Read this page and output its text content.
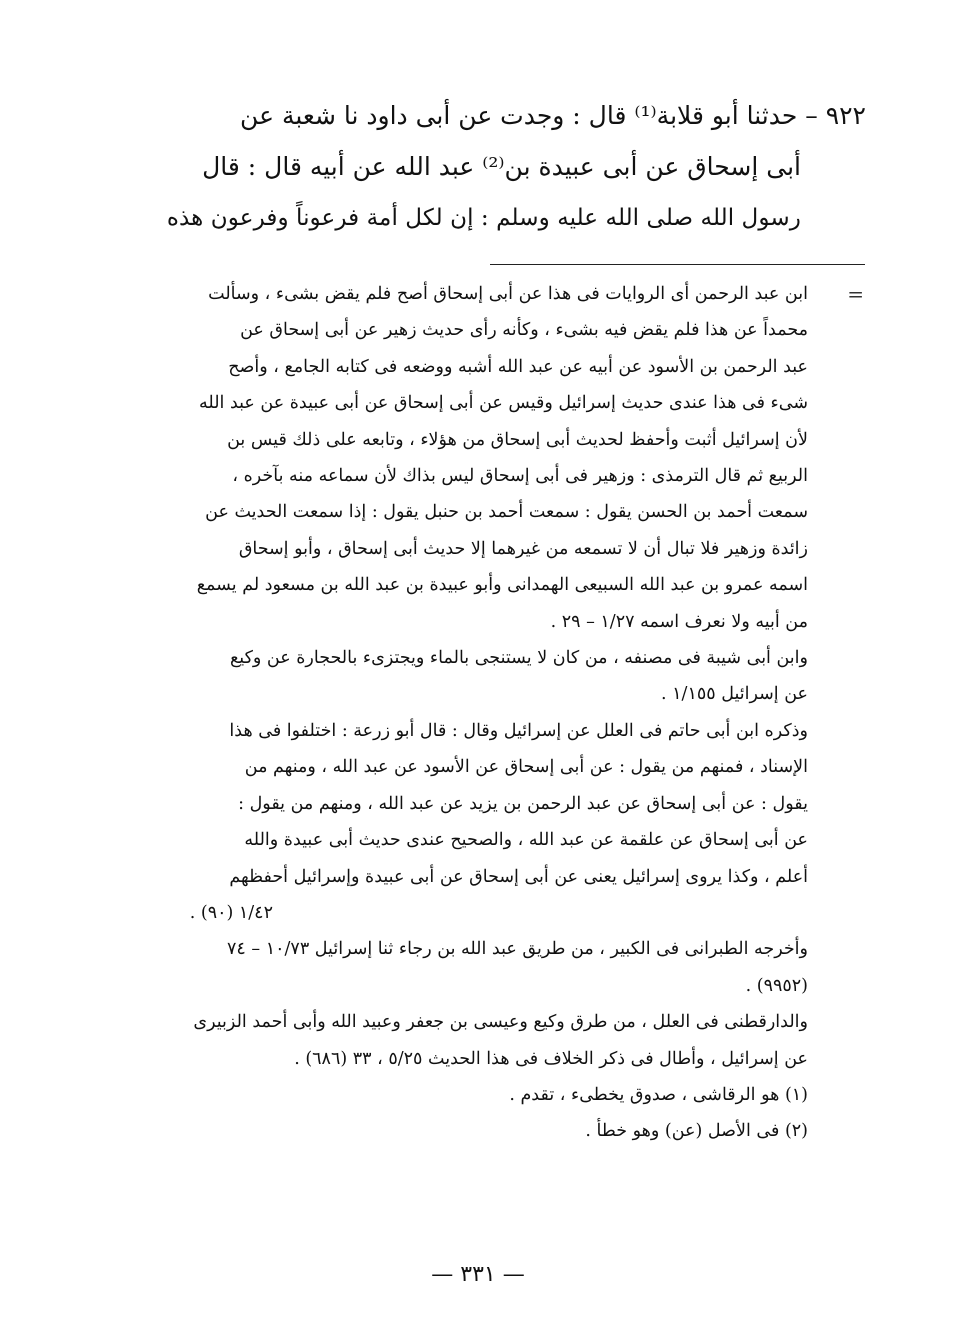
٩٢٢ – حدثنا أبو قلابة⁽¹⁾ قال : وجدت عن أبى داود نا شعبة عن
أبى إسحاق عن أبى عبيدة بن⁽²⁾ عبد الله عن أبيه قال : قال
رسول الله صلى الله عليه وسلم : إن لكل أمة فرعوناً وفرعون هذه
=
ابن عبد الرحمن أى الروايات فى هذا عن أبى إسحاق أصح فلم يقض بشىء ، وسألت
محمداً عن هذا فلم يقض فيه بشىء ، وكأنه رأى حديث زهير عن أبى إسحاق عن
عبد الرحمن بن الأسود عن أبيه عن عبد الله أشبه ووضعه فى كتابه الجامع ، وأصح
شىء فى هذا عندى حديث إسرائيل وقيس عن أبى إسحاق عن أبى عبيدة عن عبد الله
لأن إسرائيل أثبت وأحفظ لحديث أبى إسحاق من هؤلاء ، وتابعه على ذلك قيس بن
الربيع ثم قال الترمذى : وزهير فى أبى إسحاق ليس بذاك لأن سماعه منه بآخره ،
سمعت أحمد بن الحسن يقول : سمعت أحمد بن حنبل يقول : إذا سمعت الحديث عن
زائدة وزهير فلا تبال أن لا تسمعه من غيرهما إلا حديث أبى إسحاق ، وأبو إسحاق
اسمه عمرو بن عبد الله السبيعى الهمدانى وأبو عبيدة بن عبد الله بن مسعود لم يسمع
من أبيه ولا نعرف اسمه ١/٢٧ – ٢٩ .
وابن أبى شيبة فى مصنفه ، من كان لا يستنجى بالماء ويجتزىء بالحجارة عن وكيع
عن إسرائيل ١/١٥٥ .
وذكره ابن أبى حاتم فى العلل عن إسرائيل وقال : قال أبو زرعة : اختلفوا فى هذا
الإسناد ، فمنهم من يقول : عن أبى إسحاق عن الأسود عن عبد الله ، ومنهم من
يقول : عن أبى إسحاق عن عبد الرحمن بن يزيد عن عبد الله ، ومنهم من يقول :
عن أبى إسحاق عن علقمة عن عبد الله ، والصحيح عندى حديث أبى عبيدة والله
أعلم ، وكذا يروى إسرائيل يعنى عن أبى إسحاق عن أبى عبيدة وإسرائيل أحفظهم
١/٤٢ (٩٠) .
وأخرجه الطبرانى فى الكبير ، من طريق عبد الله بن رجاء ثنا إسرائيل ١٠/٧٣ – ٧٤
(٩٩٥٢) .
والدارقطنى فى العلل ، من طرق وكيع وعيسى بن جعفر وعبيد الله وأبى أحمد الزبيرى
عن إسرائيل ، وأطال فى ذكر الخلاف فى هذا الحديث ٥/٢٥ ، ٣٣ (٦٨٦) .
(١) هو الرقاشى ، صدوق يخطىء ، تقدم .
(٢) فى الأصل (عن) وهو خطأ .
— ٣٣١ —
